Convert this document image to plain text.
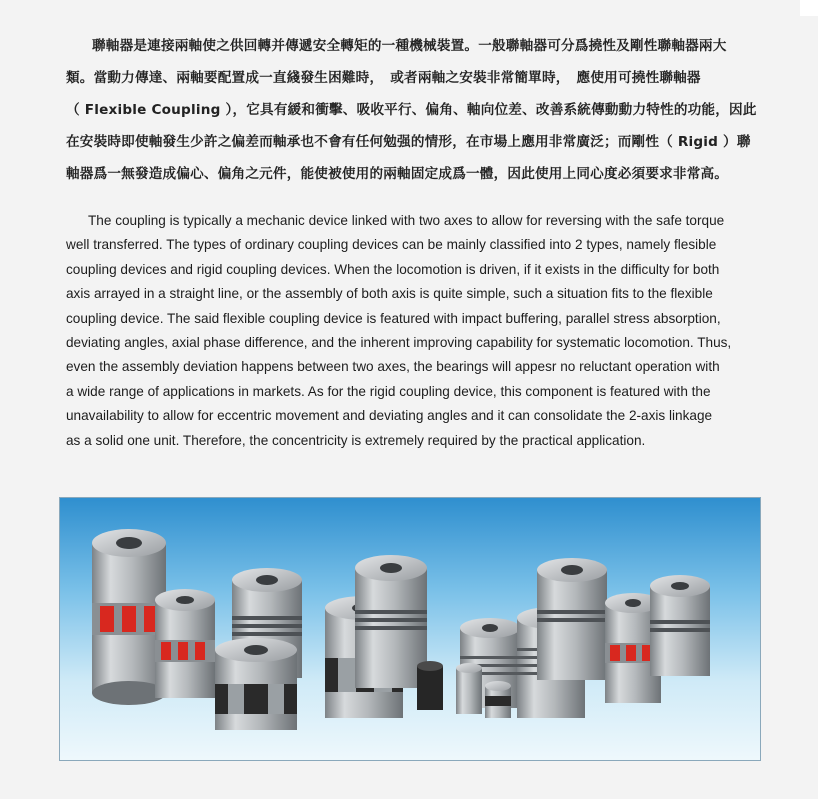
聯軸器是連接兩軸使之供回轉并傳遞安全轉矩的一種機械裝置。一般聯軸器可分爲撓性及剛性聯軸器兩大
類。當動力傳達、兩軸要配置成一直綫發生困難時，　或者兩軸之安裝非常簡單時，　應使用可撓性聯軸器
（ Flexible Coupling ），它具有緩和衝擊、吸收平行、偏角、軸向位差、改善系統傳動動力特性的功能，因此
在安裝時即使軸發生少許之偏差而軸承也不會有任何勉强的情形，在市場上應用非常廣泛；而剛性（ Rigid ）聯
軸器爲一無發造成偏心、偏角之元件，能使被使用的兩軸固定成爲一體，因此使用上同心度必須要求非常高。
The coupling is typically a mechanic device linked with two axes to allow for reversing with the safe torque
well transferred. The types of ordinary coupling devices can be mainly classified into 2 types, namely flesible
coupling devices and rigid coupling devices. When the locomotion is driven, if it exists in the difficulty for both
axis arrayed in a straight line, or the assembly of both axis is quite simple, such a situation fits to the flexible
coupling device. The said flexible coupling device is featured with impact buffering, parallel stress absorption,
deviating angles, axial phase difference, and the inherent improving capability for systematic locomotion. Thus,
even the assembly deviation happens between two axes, the bearings will appesr no reluctant operation with
a wide range of applications in markets. As for the rigid coupling device, this component is featured with the
unavailability to allow for eccentric movement and deviating angles and it can consolidate the 2-axis linkage
as a solid one unit. Therefore, the concentricity is extremely required by the practical application.
